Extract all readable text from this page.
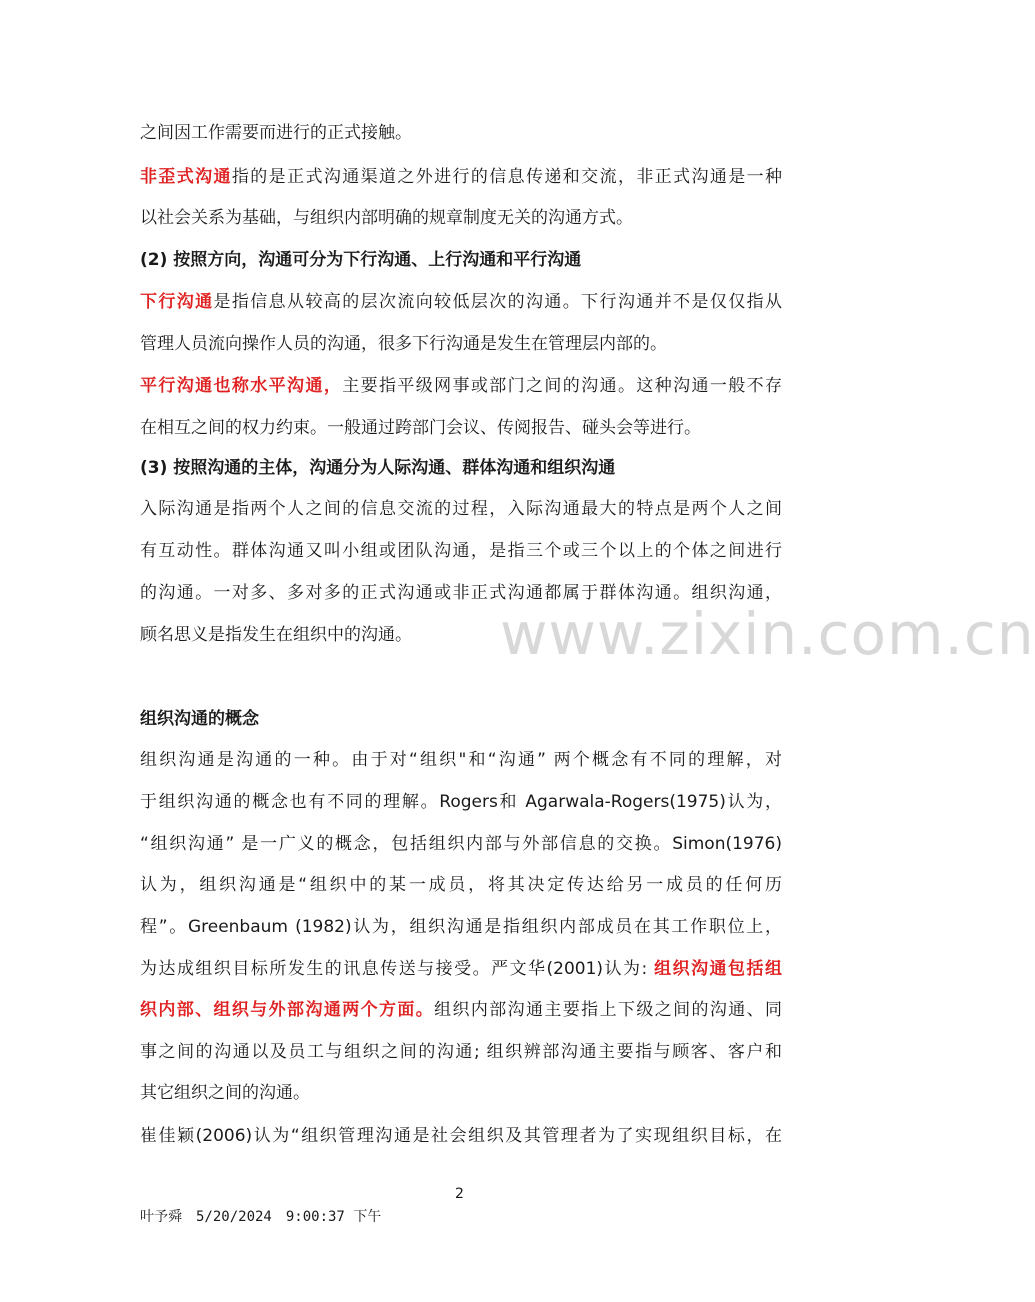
www.zixin.com.cn
之间因工作需要而进行的正式接触。
非歪式沟通指的是正式沟通渠道之外进行的信息传递和交流，非正式沟通是一种
以社会关系为基础，与组织内部明确的规章制度无关的沟通方式。
(2) 按照方向，沟通可分为下行沟通、上行沟通和平行沟通
下行沟通是指信息从较高的层次流向较低层次的沟通。下行沟通并不是仅仅指从
管理人员流向操作人员的沟通，很多下行沟通是发生在管理层内部的。
平行沟通也称水平沟通，主要指平级网事或部门之间的沟通。这种沟通一般不存
在相互之间的权力约束。一般通过跨部门会议、传阅报告、碰头会等进行。
(3) 按照沟通的主体，沟通分为人际沟通、群体沟通和组织沟通
入际沟通是指两个人之间的信息交流的过程，入际沟通最大的特点是两个人之间
有互动性。群体沟通又叫小组或团队沟通，是指三个或三个以上的个体之间进行
的沟通。一对多、多对多的正式沟通或非正式沟通都属于群体沟通。组织沟通，
顾名思义是指发生在组织中的沟通。
组织沟通的概念
组织沟通是沟通的一种。由于对“组织"和“沟通” 两个概念有不同的理解，对
于组织沟通的概念也有不同的理解。Rogers和 Agarwala-Rogers(1975)认为，
“组织沟通” 是一广义的概念，包括组织内部与外部信息的交换。Simon(1976)
认为，组织沟通是“组织中的某一成员，将其决定传达给另一成员的任何历
程”。Greenbaum (1982)认为，组织沟通是指组织内部成员在其工作职位上，
为达成组织目标所发生的讯息传送与接受。严文华(2001)认为: 组织沟通包括组
织内部、组织与外部沟通两个方面。组织内部沟通主要指上下级之间的沟通、同
事之间的沟通以及员工与组织之间的沟通; 组织辨部沟通主要指与顾客、客户和
其它组织之间的沟通。
崔佳颖(2006)认为“组织管理沟通是社会组织及其管理者为了实现组织目标，在
2
叶予舜 5/20/2024 9:00:37 下午
